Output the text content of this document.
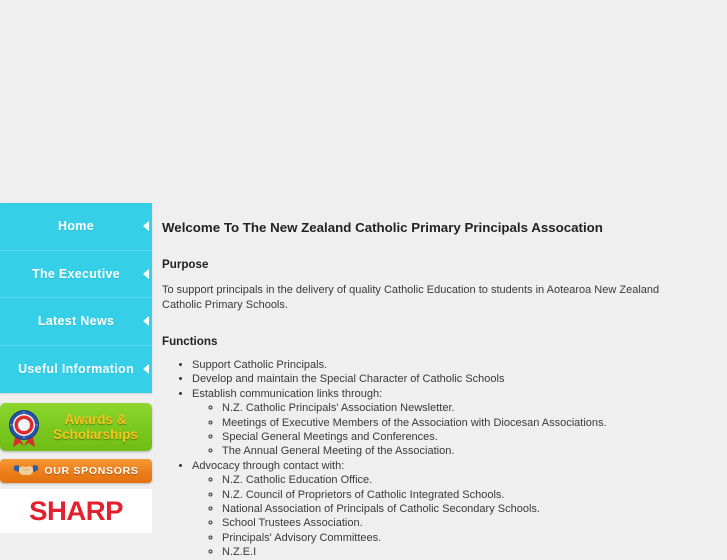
Home
The Executive
Latest News
Useful Information
Awards &
Scholarships
OUR SPONSORS
SHARP
Welcome To The New Zealand Catholic Primary Principals Assocation
Purpose

To support principals in the delivery of quality Catholic Education to students in Aotearoa New Zealand Catholic Primary Schools.

Functions
• Support Catholic Principals.
• Develop and maintain the Special Character of Catholic Schools
• Establish communication links through:
◦ N.Z. Catholic Principals' Association Newsletter.
◦ Meetings of Executive Members of the Association with Diocesan Associations.
◦ Special General Meetings and Conferences.
◦ The Annual General Meeting of the Association.
• Advocacy through contact with:
◦ N.Z. Catholic Education Office.
◦ N.Z. Council of Proprietors of Catholic Integrated Schools.
◦ National Association of Principals of Catholic Secondary Schools.
◦ School Trustees Association.
◦ Principals' Advisory Committees.
◦ N.Z.E.I
